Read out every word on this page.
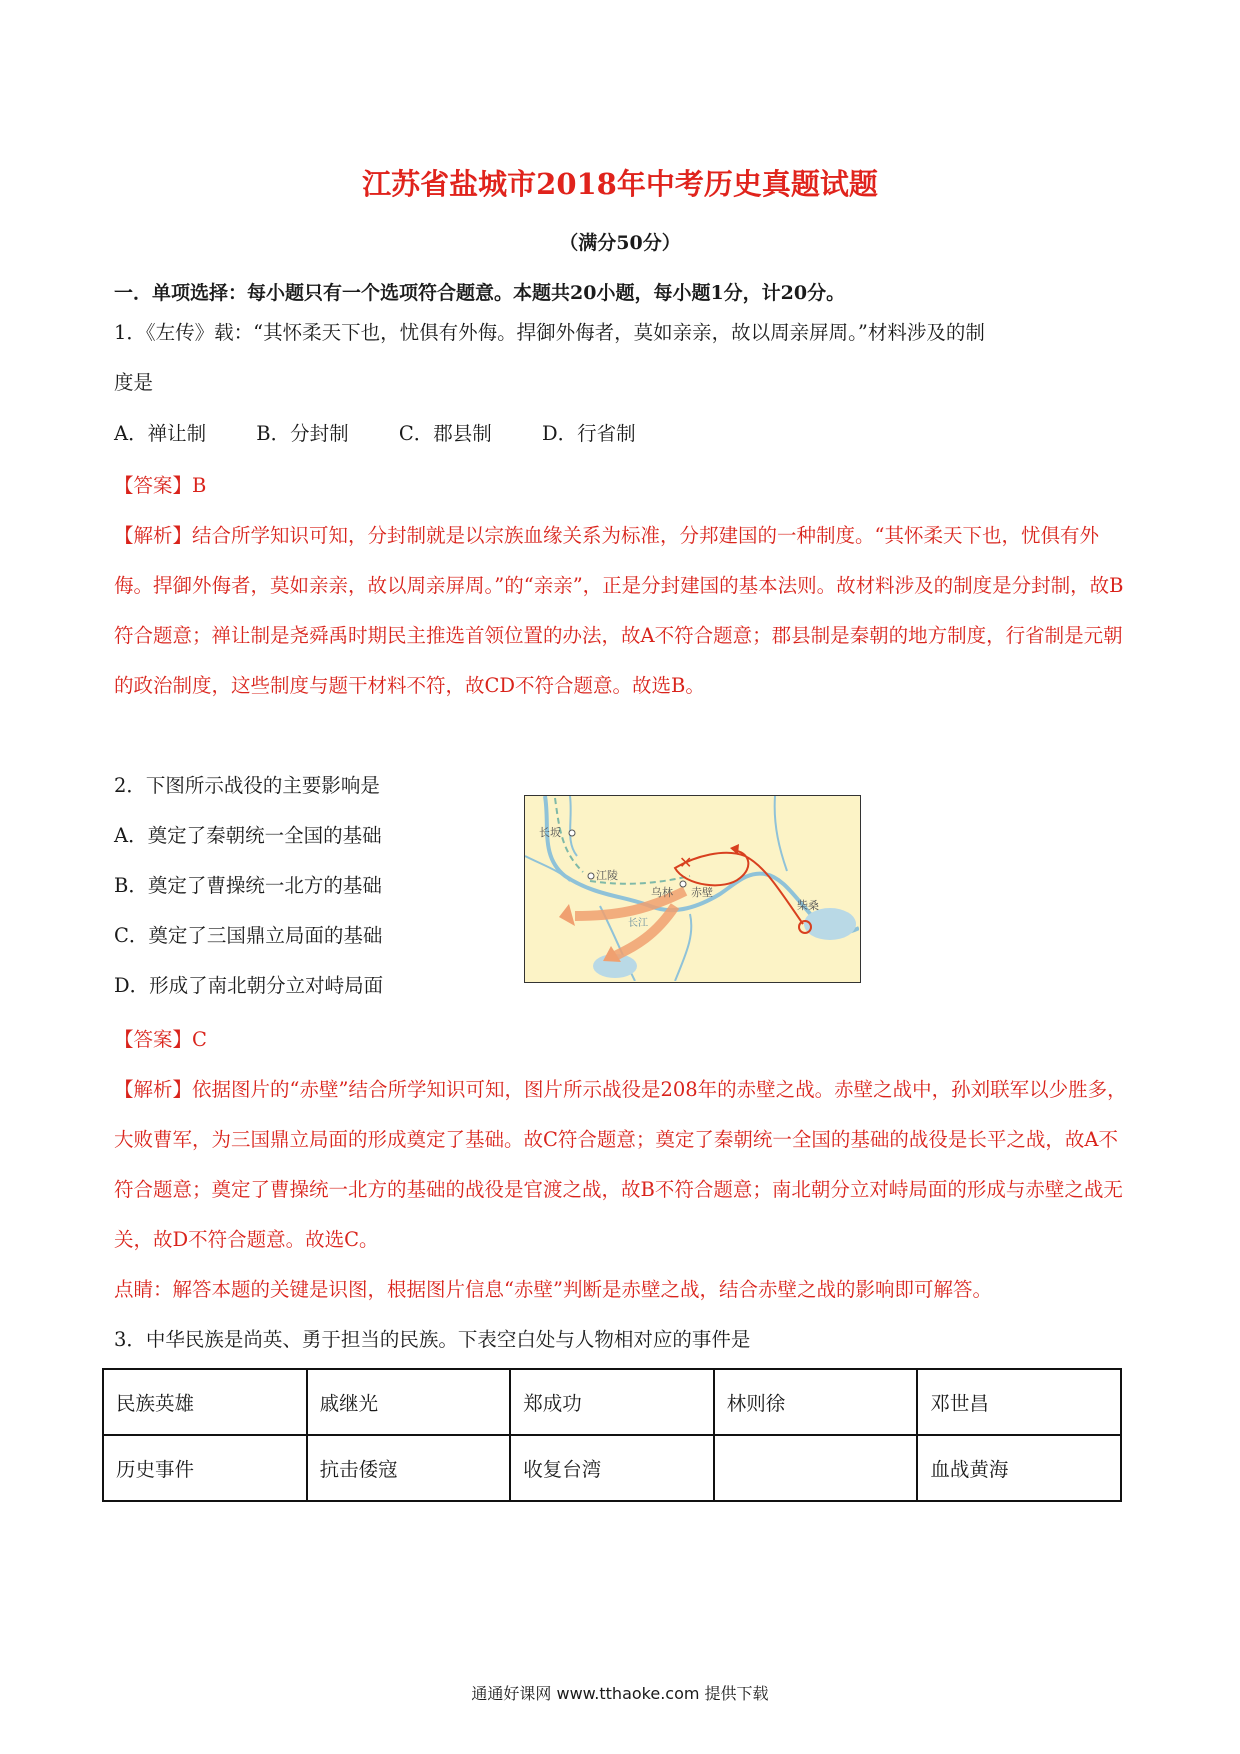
江苏省盐城市2018年中考历史真题试题
（满分50分）
一．单项选择：每小题只有一个选项符合题意。本题共20小题，每小题1分，计20分。
1．《左传》载：“其怀柔天下也，忧俱有外侮。捍御外侮者，莫如亲亲，故以周亲屏周。”材料涉及的制
度是
A．禅让制	B．分封制	C．郡县制	D．行省制
【答案】B
【解析】结合所学知识可知，分封制就是以宗族血缘关系为标准，分邦建国的一种制度。“其怀柔天下也，忧俱有外侮。捍御外侮者，莫如亲亲，故以周亲屏周。”的“亲亲”，正是分封建国的基本法则。故材料涉及的制度是分封制，故B符合题意；禅让制是尧舜禹时期民主推选首领位置的办法，故A不符合题意；郡县制是秦朝的地方制度，行省制是元朝的政治制度，这些制度与题干材料不符，故CD不符合题意。故选B。
2．下图所示战役的主要影响是
A．奠定了秦朝统一全国的基础
B．奠定了曹操统一北方的基础
C．奠定了三国鼎立局面的基础
D．形成了南北朝分立对峙局面
✕
长坂
江陵
乌林 赤壁
柴桑
长江
【答案】C
【解析】依据图片的“赤壁”结合所学知识可知，图片所示战役是208年的赤壁之战。赤壁之战中，孙刘联军以少胜多，大败曹军，为三国鼎立局面的形成奠定了基础。故C符合题意；奠定了秦朝统一全国的基础的战役是长平之战，故A不符合题意；奠定了曹操统一北方的基础的战役是官渡之战，故B不符合题意；南北朝分立对峙局面的形成与赤壁之战无关，故D不符合题意。故选C。
点睛：解答本题的关键是识图，根据图片信息“赤壁”判断是赤壁之战，结合赤壁之战的影响即可解答。
3．中华民族是尚英、勇于担当的民族。下表空白处与人物相对应的事件是
民族英雄	戚继光	郑成功	林则徐	邓世昌
历史事件	抗击倭寇	收复台湾		血战黄海
通通好课网 www.tthaoke.com 提供下载
